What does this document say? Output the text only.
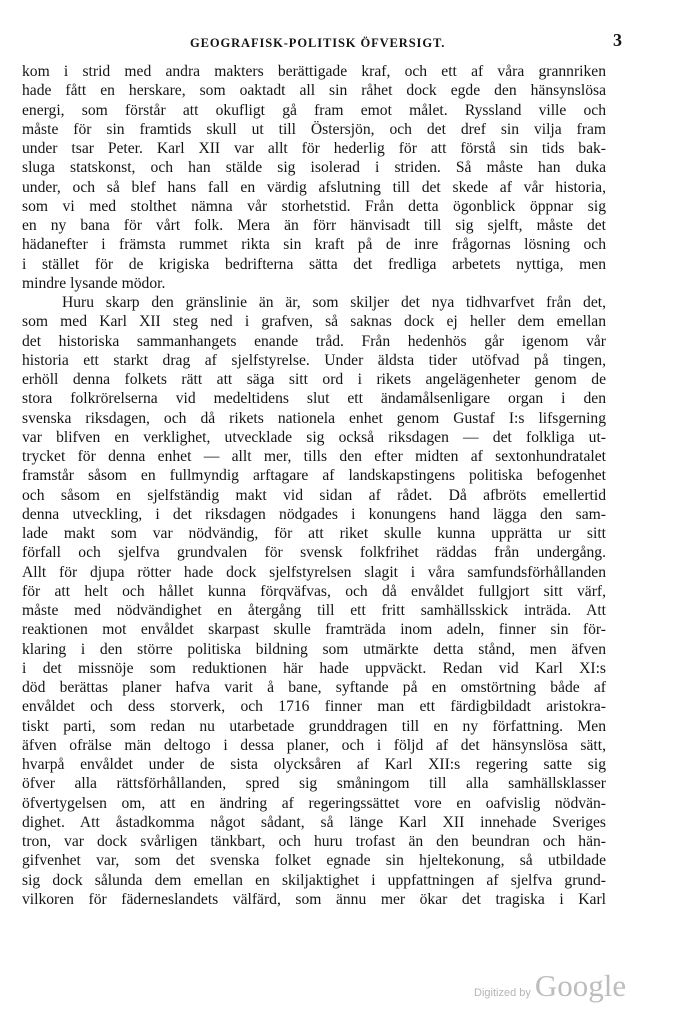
GEOGRAFISK-POLITISK ÖFVERSIGT.	3
kom i strid med andra makters berättigade kraf, och ett af våra grannriken
hade fått en herskare, som oaktadt all sin råhet dock egde den hänsynslösa
energi, som förstår att okufligt gå fram emot målet. Ryssland ville och
måste för sin framtids skull ut till Östersjön, och det dref sin vilja fram
under tsar Peter. Karl XII var allt för hederlig för att förstå sin tids bak-
sluga statskonst, och han stälde sig isolerad i striden. Så måste han duka
under, och så blef hans fall en värdig afslutning till det skede af vår historia,
som vi med stolthet nämna vår storhetstid. Från detta ögonblick öppnar sig
en ny bana för vårt folk. Mera än förr hänvisadt till sig sjelft, måste det
hädanefter i främsta rummet rikta sin kraft på de inre frågornas lösning och
i stället för de krigiska bedrifterna sätta det fredliga arbetets nyttiga, men
mindre lysande mödor.
Huru skarp den gränslinie än är, som skiljer det nya tidhvarfvet från det,
som med Karl XII steg ned i grafven, så saknas dock ej heller dem emellan
det historiska sammanhangets enande tråd. Från hedenhös går igenom vår
historia ett starkt drag af sjelfstyrelse. Under äldsta tider utöfvad på tingen,
erhöll denna folkets rätt att säga sitt ord i rikets angelägenheter genom de
stora folkrörelserna vid medeltidens slut ett ändamålsenligare organ i den
svenska riksdagen, och då rikets nationela enhet genom Gustaf I:s lifsgerning
var blifven en verklighet, utvecklade sig också riksdagen — det folkliga ut-
trycket för denna enhet — allt mer, tills den efter midten af sextonhundratalet
framstår såsom en fullmyndig arftagare af landskapstingens politiska befogenhet
och såsom en sjelfständig makt vid sidan af rådet. Då afbröts emellertid
denna utveckling, i det riksdagen nödgades i konungens hand lägga den sam-
lade makt som var nödvändig, för att riket skulle kunna upprätta ur sitt
förfall och sjelfva grundvalen för svensk folkfrihet räddas från undergång.
Allt för djupa rötter hade dock sjelfstyrelsen slagit i våra samfundsförhållanden
för att helt och hållet kunna förqväfvas, och då envåldet fullgjort sitt värf,
måste med nödvändighet en återgång till ett fritt samhällsskick inträda. Att
reaktionen mot envåldet skarpast skulle framträda inom adeln, finner sin för-
klaring i den större politiska bildning som utmärkte detta stånd, men äfven
i det missnöje som reduktionen här hade uppväckt. Redan vid Karl XI:s
död berättas planer hafva varit å bane, syftande på en omstörtning både af
envåldet och dess storverk, och 1716 finner man ett färdigbildadt aristokra-
tiskt parti, som redan nu utarbetade grunddragen till en ny författning. Men
äfven ofrälse män deltogo i dessa planer, och i följd af det hänsynslösa sätt,
hvarpå envåldet under de sista olycksåren af Karl XII:s regering satte sig
öfver alla rättsförhållanden, spred sig småningom till alla samhällsklasser
öfvertygelsen om, att en ändring af regeringssättet vore en oafvislig nödvän-
dighet. Att åstadkomma något sådant, så länge Karl XII innehade Sveriges
tron, var dock svårligen tänkbart, och huru trofast än den beundran och hän-
gifvenhet var, som det svenska folket egnade sin hjeltekonung, så utbildade
sig dock sålunda dem emellan en skiljaktighet i uppfattningen af sjelfva grund-
vilkoren för fäderneslandets välfärd, som ännu mer ökar det tragiska i Karl
Digitized by Google
